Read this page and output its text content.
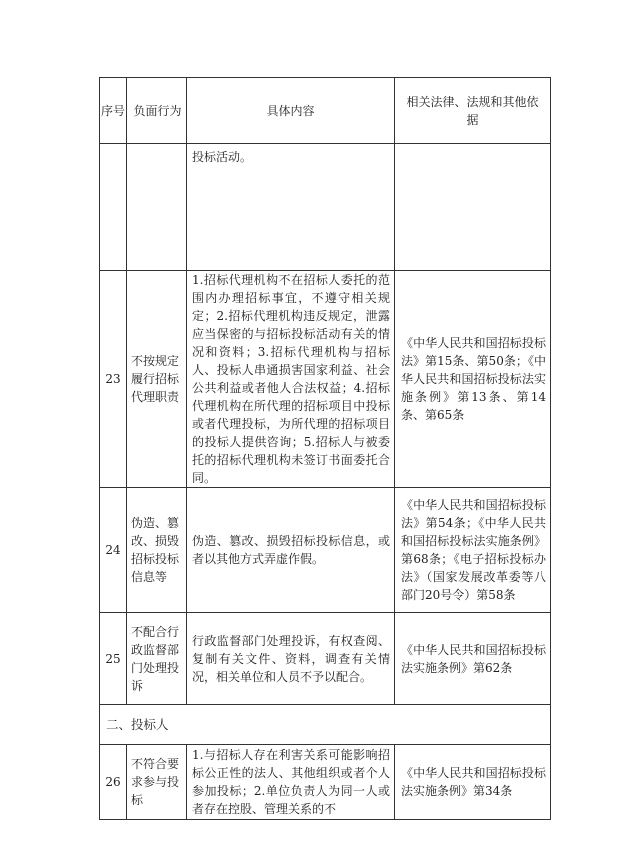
序号	负面行为	具体内容	相关法律、法规和其他依据
		投标活动。	
23	不按规定履行招标代理职责	1.招标代理机构不在招标人委托的范围内办理招标事宜，不遵守相关规定；2.招标代理机构违反规定，泄露应当保密的与招标投标活动有关的情况和资料；3.招标代理机构与招标人、投标人串通损害国家利益、社会公共利益或者他人合法权益；4.招标代理机构在所代理的招标项目中投标或者代理投标，为所代理的招标项目的投标人提供咨询；5.招标人与被委托的招标代理机构未签订书面委托合同。	《中华人民共和国招标投标法》第15条、第50条；《中华人民共和国招标投标法实施条例》第13条、第14条、第65条
24	伪造、篡改、损毁招标投标信息等	伪造、篡改、损毁招标投标信息，或者以其他方式弄虚作假。	《中华人民共和国招标投标法》第54条；《中华人民共和国招标投标法实施条例》第68条；《电子招标投标办法》（国家发展改革委等八部门20号令）第58条
25	不配合行政监督部门处理投诉	行政监督部门处理投诉，有权查阅、复制有关文件、资料，调查有关情况，相关单位和人员不予以配合。	《中华人民共和国招标投标法实施条例》第62条
二、投标人			
26	不符合要求参与投标	1.与招标人存在利害关系可能影响招标公正性的法人、其他组织或者个人参加投标；2.单位负责人为同一人或者存在控股、管理关系的不	《中华人民共和国招标投标法实施条例》第34条
